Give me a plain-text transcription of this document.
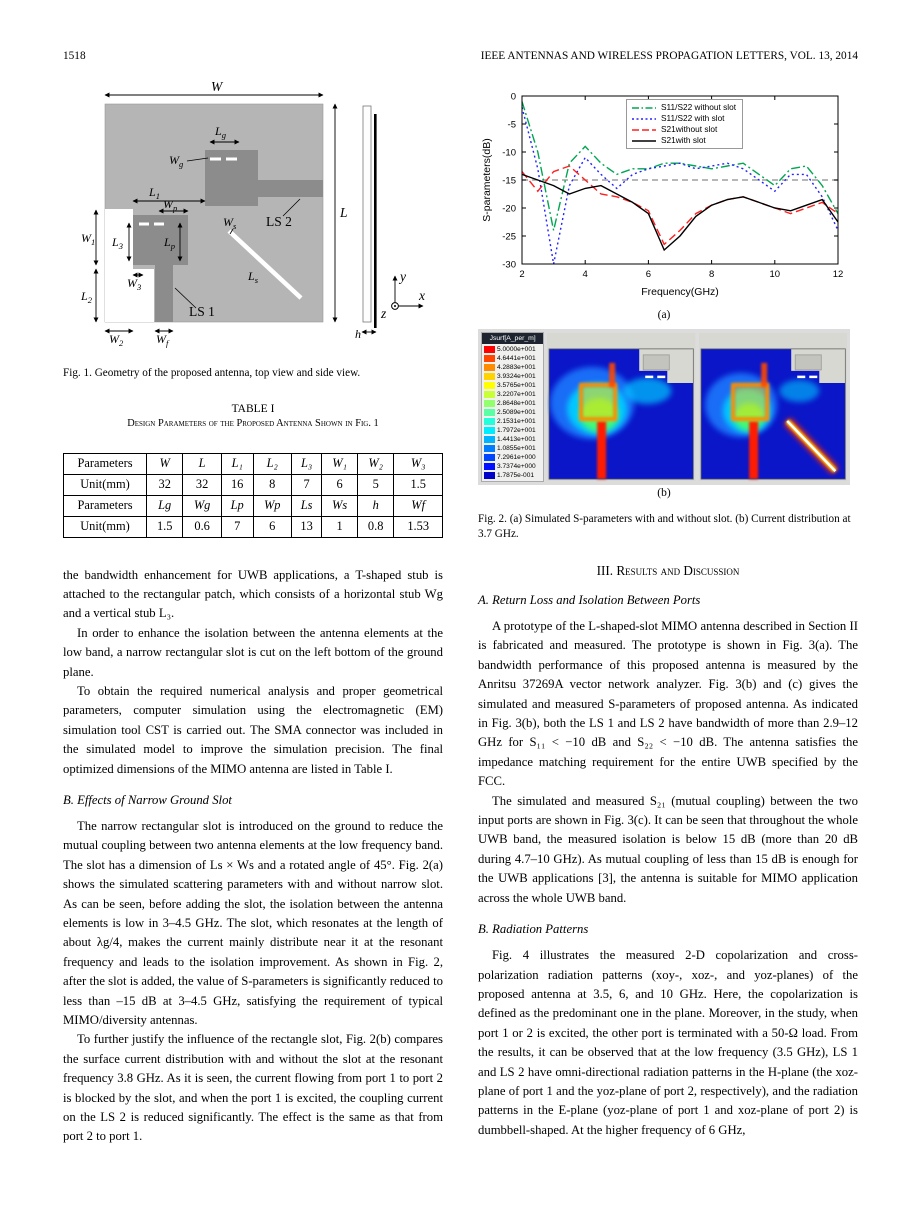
1518	IEEE ANTENNAS AND WIRELESS PROPAGATION LETTERS, VOL. 13, 2014
W
L
$L_g$
$W_g$
$L_1$
$W_p$
$W_s$
$L_3$	$L_p$
$L_s$
$W_1$
$L_2$
$W_3$
$W_2$	$W_f$
h
LS 1
LS 2
x
y
z
Fig. 1. Geometry of the proposed antenna, top view and side view.
TABLE I
Design Parameters of the Proposed Antenna Shown in Fig. 1
Parameters	W	L	L₁	L₂	L₃	W₁	W₂	W₃
Unit(mm)	32	32	16	8	7	6	5	1.5
Parameters	Lg	Wg	Lp	Wp	Ls	Ws	h	Wf
Unit(mm)	1.5	0.6	7	6	13	1	0.8	1.53

the bandwidth enhancement for UWB applications, a T-shaped stub is attached to the rectangular patch, which consists of a horizontal stub Wg and a vertical stub L₃.

In order to enhance the isolation between the antenna elements at the low band, a narrow rectangular slot is cut on the left bottom of the ground plane.

To obtain the required numerical analysis and proper geometrical parameters, computer simulation using the electromagnetic (EM) simulation tool CST is carried out. The SMA connector was included in the simulated model to improve the simulation precision. The final optimized dimensions of the MIMO antenna are listed in Table I.

B. Effects of Narrow Ground Slot

The narrow rectangular slot is introduced on the ground to reduce the mutual coupling between two antenna elements at the low frequency band. The slot has a dimension of Ls × Ws and a rotated angle of 45°. Fig. 2(a) shows the simulated scattering parameters with and without narrow slot. As can be seen, before adding the slot, the isolation between the antenna elements is low in 3–4.5 GHz. The slot, which resonates at the length of about λg/4, makes the current mainly distribute near it at the resonant frequency and leads to the isolation improvement. As shown in Fig. 2, after the slot is added, the value of S-parameters is significantly reduced to less than –15 dB at 3–4.5 GHz, satisfying the requirement of typical MIMO/diversity antennas.

To further justify the influence of the rectangle slot, Fig. 2(b) compares the surface current distribution with and without the slot at the resonant frequency 3.8 GHz. As it is seen, the current flowing from port 1 to port 2 is blocked by the slot, and when the port 1 is excited, the coupling current on the LS 2 is reduced significantly. The effect is the same as that from port 2 to port 1.

2	4	6	8	10	12
0
-5
-10
-15
-20
-25
-30
S-parameters(dB)
Frequency(GHz)
S11/S22 without slot
S11/S22 with slot
S21without slot
S21with slot
(a)
Jsurf[A_per_m]
5.0000e+001
4.6441e+001
4.2883e+001
3.9324e+001
3.5765e+001
3.2207e+001
2.8648e+001
2.5089e+001
2.1531e+001
1.7972e+001
1.4413e+001
1.0855e+001
7.2961e+000
3.7374e+000
1.7875e-001
(b)
Fig. 2. (a) Simulated S-parameters with and without slot. (b) Current distribution at 3.7 GHz.
III. Results and Discussion
A. Return Loss and Isolation Between Ports

A prototype of the L-shaped-slot MIMO antenna described in Section II is fabricated and measured. The prototype is shown in Fig. 3(a). The bandwidth performance of this proposed antenna is measured by the Anritsu 37269A vector network analyzer. Fig. 3(b) and (c) gives the simulated and measured S-parameters of proposed antenna. As indicated in Fig. 3(b), both the LS 1 and LS 2 have bandwidth of more than 2.9–12 GHz for S₁₁ < −10 dB and S₂₂ < −10 dB. The antenna satisfies the impedance matching requirement for the entire UWB specified by the FCC.

The simulated and measured S₂₁ (mutual coupling) between the two input ports are shown in Fig. 3(c). It can be seen that throughout the whole UWB band, the measured isolation is below 15 dB (more than 20 dB during 4.7–10 GHz). As mutual coupling of less than 15 dB is enough for the UWB applications [3], the antenna is suitable for MIMO application across the whole UWB band.

B. Radiation Patterns

Fig. 4 illustrates the measured 2-D copolarization and cross-polarization radiation patterns (xoy-, xoz-, and yoz-planes) of the proposed antenna at 3.5, 6, and 10 GHz. Here, the copolarization is defined as the predominant one in the plane. Moreover, in the study, when port 1 or 2 is excited, the other port is terminated with a 50-Ω load. From the results, it can be observed that at the low frequency (3.5 GHz), LS 1 and LS 2 have omni-directional radiation patterns in the H-plane (the xoz-plane of port 1 and the yoz-plane of port 2, respectively), and the radiation patterns in the E-plane (yoz-plane of port 1 and xoz-plane of port 2) is dumbbell-shaped. At the higher frequency of 6 GHz,
